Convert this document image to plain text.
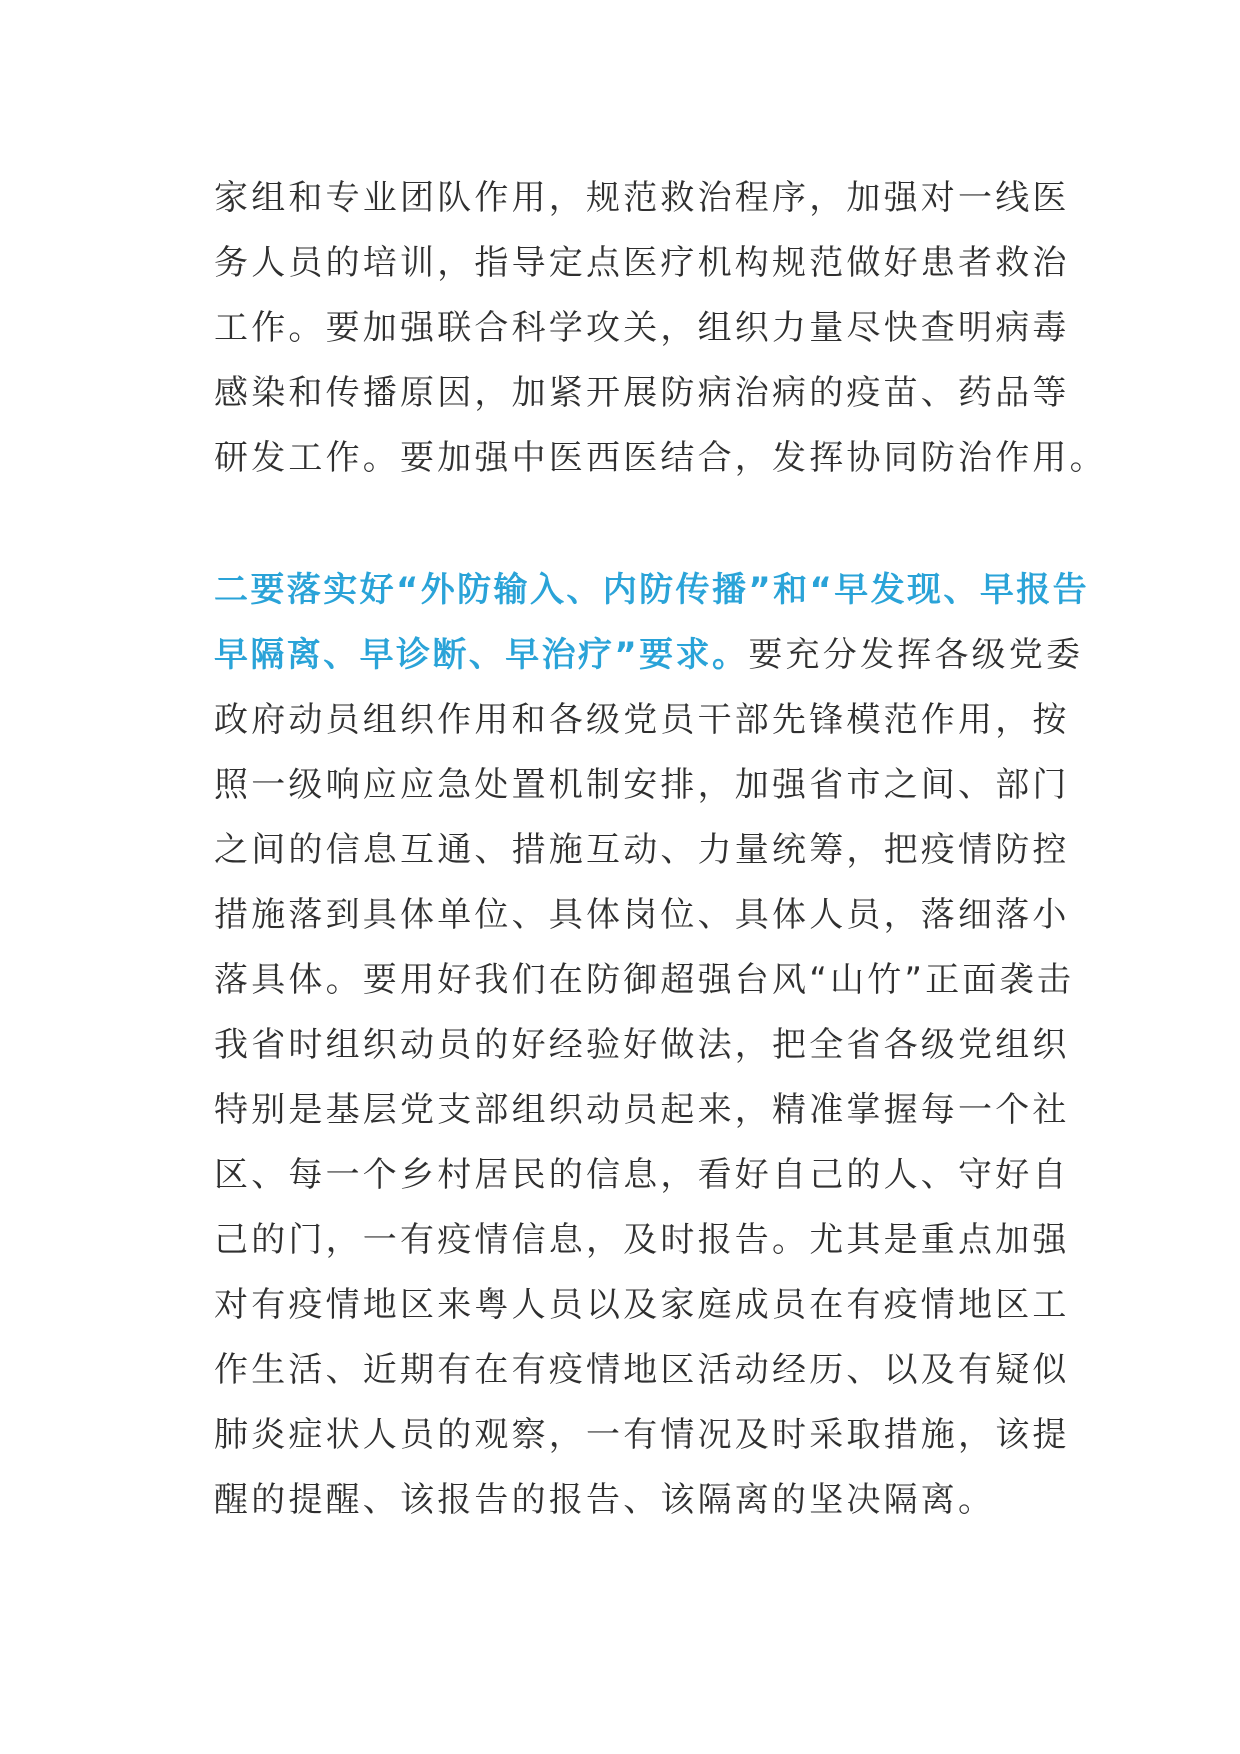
家组和专业团队作用，规范救治程序，加强对一线医
务人员的培训，指导定点医疗机构规范做好患者救治
工作。要加强联合科学攻关，组织力量尽快查明病毒
感染和传播原因，加紧开展防病治病的疫苗、药品等
研发工作。要加强中医西医结合，发挥协同防治作用。
二要落实好“外防输入、内防传播”和“早发现、早报告
早隔离、早诊断、早治疗”要求。要充分发挥各级党委
政府动员组织作用和各级党员干部先锋模范作用，按
照一级响应应急处置机制安排，加强省市之间、部门
之间的信息互通、措施互动、力量统筹，把疫情防控
措施落到具体单位、具体岗位、具体人员，落细落小
落具体。要用好我们在防御超强台风“山竹”正面袭击
我省时组织动员的好经验好做法，把全省各级党组织
特别是基层党支部组织动员起来，精准掌握每一个社
区、每一个乡村居民的信息，看好自己的人、守好自
己的门，一有疫情信息，及时报告。尤其是重点加强
对有疫情地区来粤人员以及家庭成员在有疫情地区工
作生活、近期有在有疫情地区活动经历、以及有疑似
肺炎症状人员的观察，一有情况及时采取措施，该提
醒的提醒、该报告的报告、该隔离的坚决隔离。
